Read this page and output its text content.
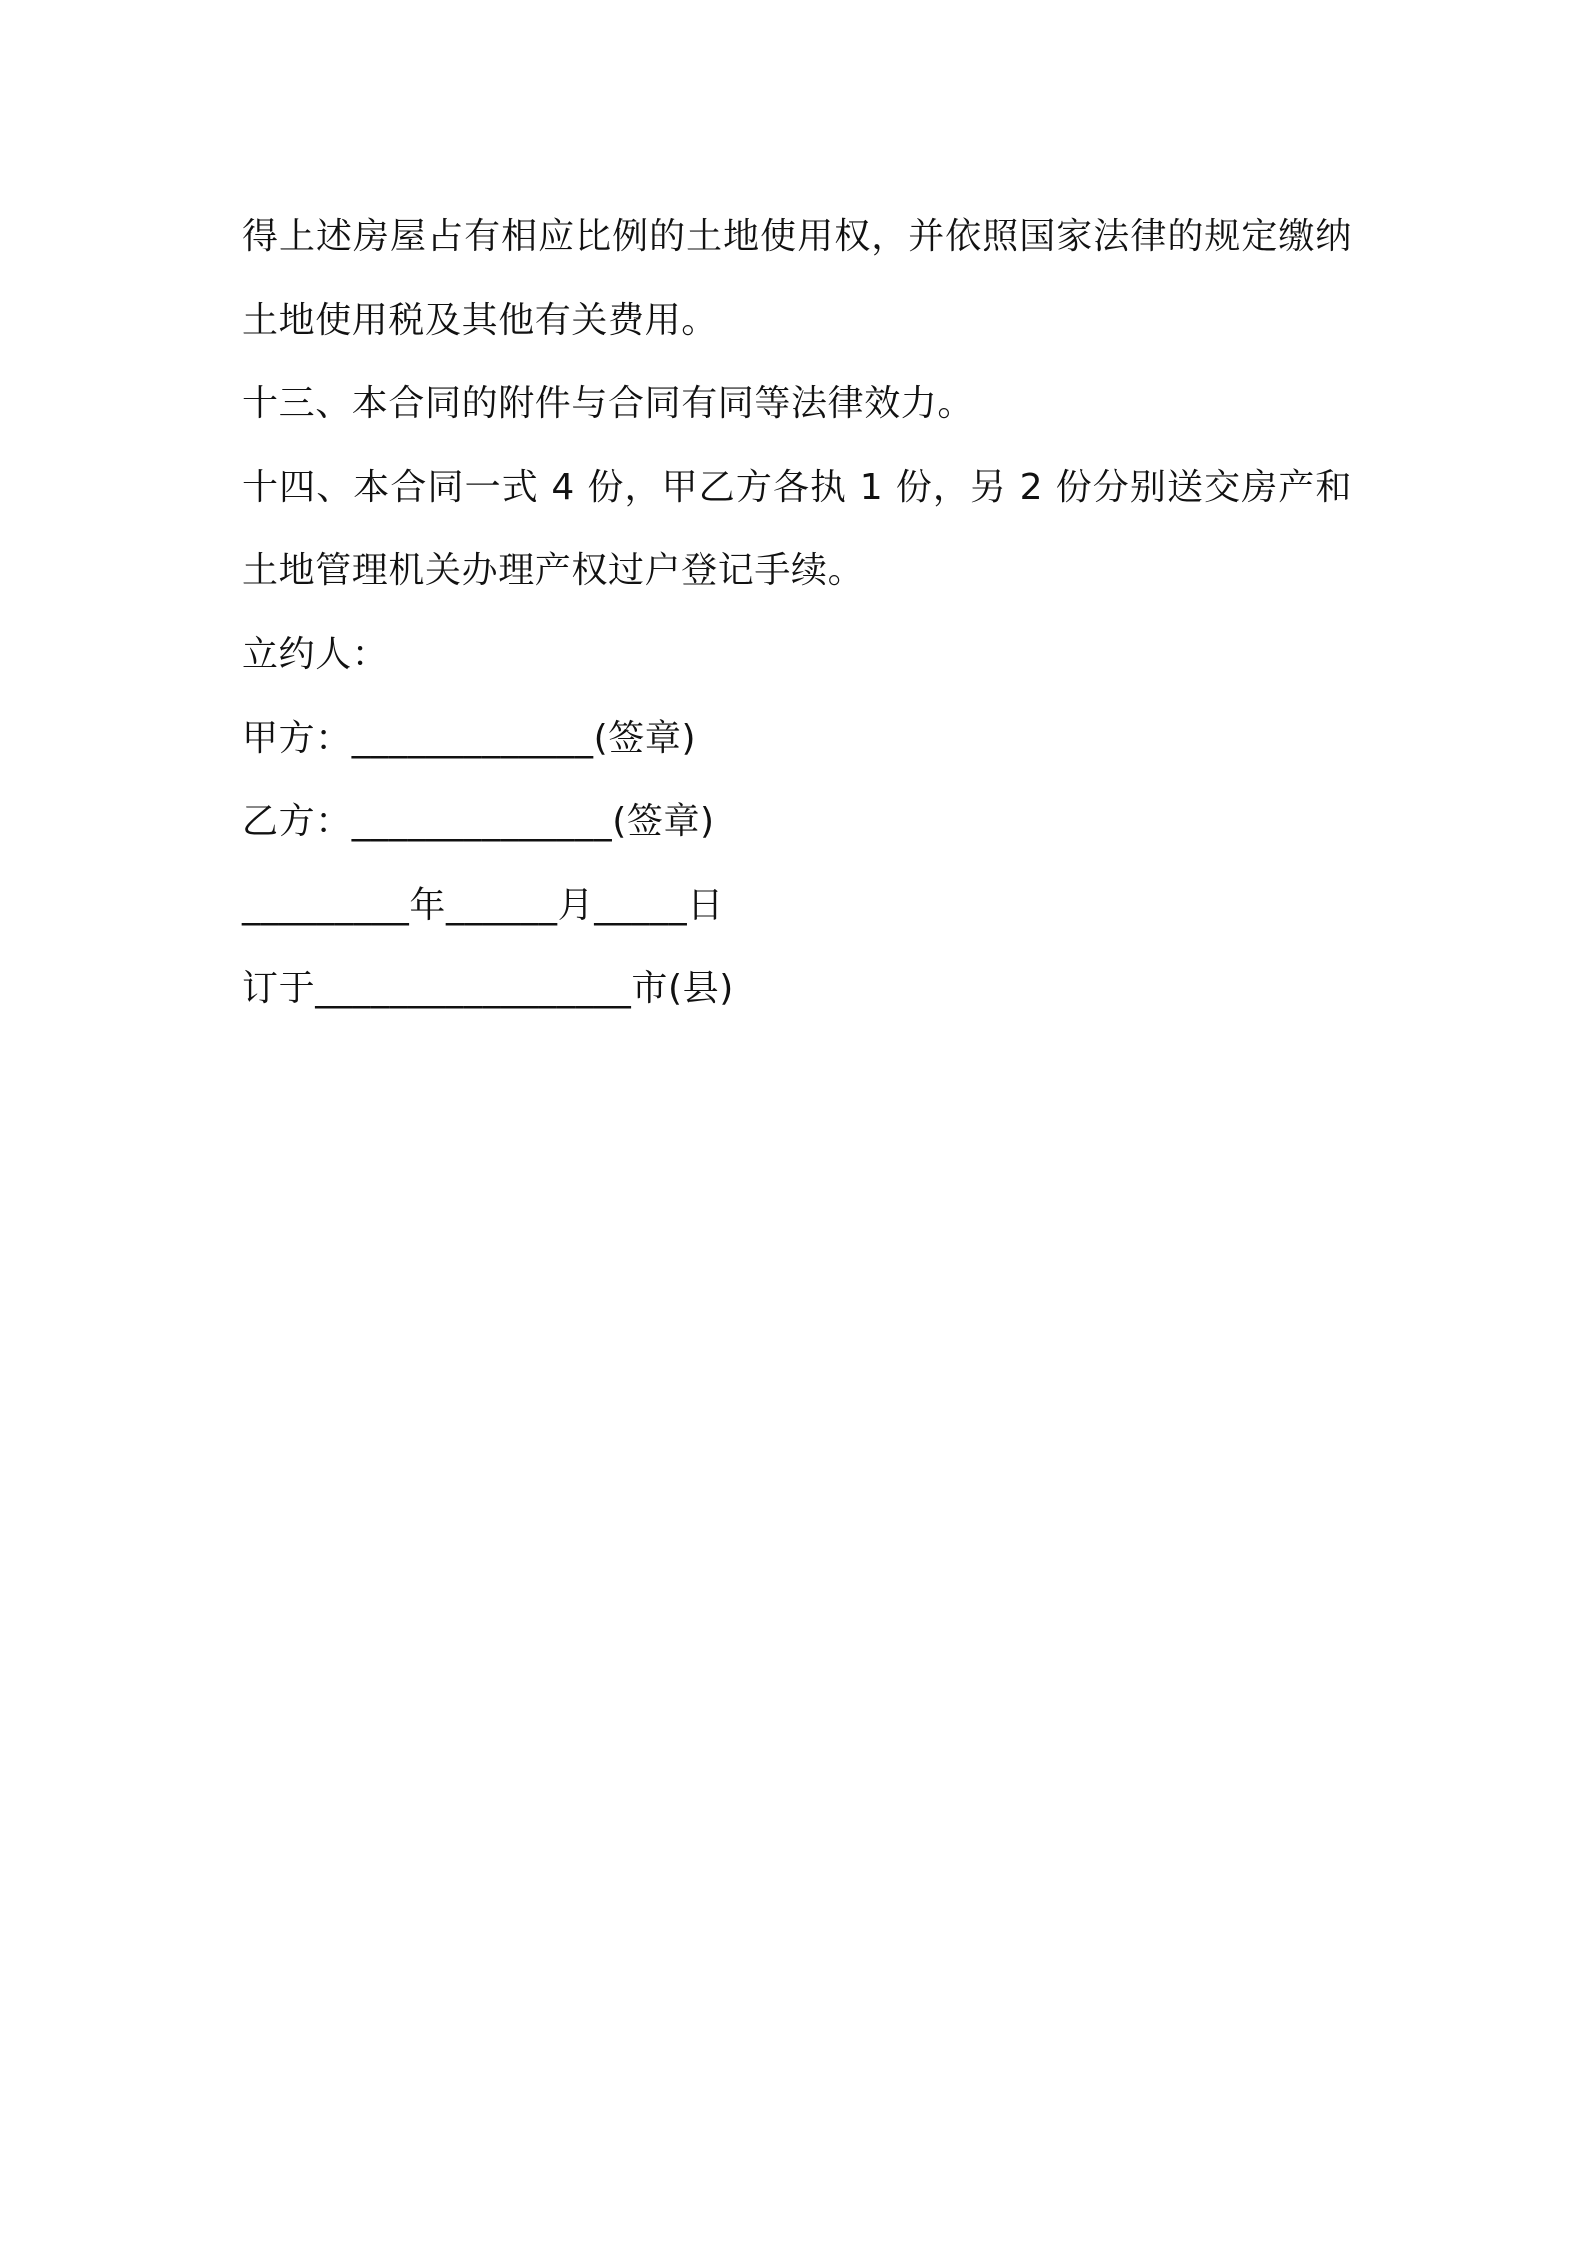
得上述房屋占有相应比例的土地使用权，并依照国家法律的规定缴纳
土地使用税及其他有关费用。
十三、本合同的附件与合同有同等法律效力。
十四、本合同一式 4 份，甲乙方各执 1 份，另 2 份分别送交房产和
土地管理机关办理产权过户登记手续。
立约人：
甲方：_____________(签章)
乙方：______________(签章)
_________年______月_____日
订于_________________市(县)
